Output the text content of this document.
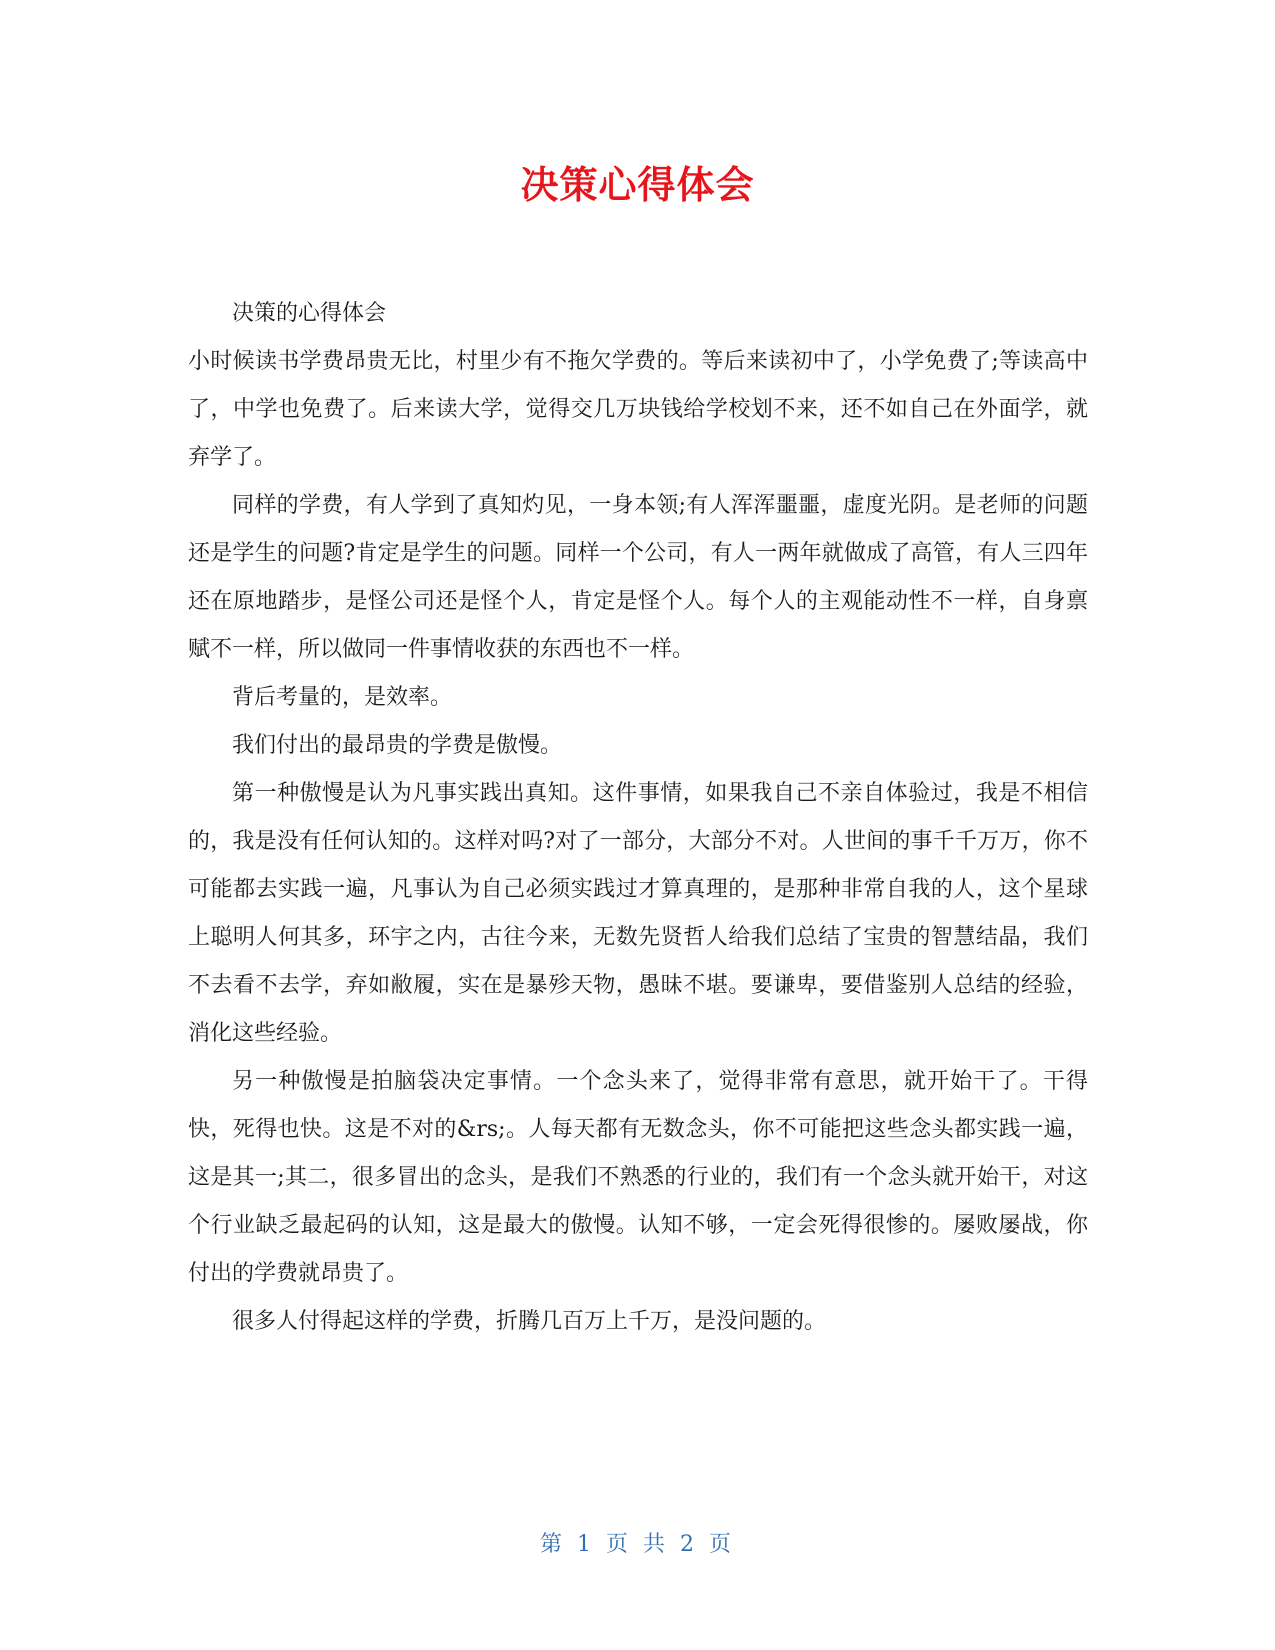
决策心得体会

决策的心得体会

小时候读书学费昂贵无比，村里少有不拖欠学费的。等后来读初中了，小学免费了;等读高中了，中学也免费了。后来读大学，觉得交几万块钱给学校划不来，还不如自己在外面学，就弃学了。

同样的学费，有人学到了真知灼见，一身本领;有人浑浑噩噩，虚度光阴。是老师的问题还是学生的问题?肯定是学生的问题。同样一个公司，有人一两年就做成了高管，有人三四年还在原地踏步，是怪公司还是怪个人，肯定是怪个人。每个人的主观能动性不一样，自身禀赋不一样，所以做同一件事情收获的东西也不一样。

背后考量的，是效率。

我们付出的最昂贵的学费是傲慢。

第一种傲慢是认为凡事实践出真知。这件事情，如果我自己不亲自体验过，我是不相信的，我是没有任何认知的。这样对吗?对了一部分，大部分不对。人世间的事千千万万，你不可能都去实践一遍，凡事认为自己必须实践过才算真理的，是那种非常自我的人，这个星球上聪明人何其多，环宇之内，古往今来，无数先贤哲人给我们总结了宝贵的智慧结晶，我们不去看不去学，弃如敝履，实在是暴殄天物，愚昧不堪。要谦卑，要借鉴别人总结的经验，消化这些经验。

另一种傲慢是拍脑袋决定事情。一个念头来了，觉得非常有意思，就开始干了。干得快，死得也快。这是不对的&rs;。人每天都有无数念头，你不可能把这些念头都实践一遍，这是其一;其二，很多冒出的念头，是我们不熟悉的行业的，我们有一个念头就开始干，对这个行业缺乏最起码的认知，这是最大的傲慢。认知不够，一定会死得很惨的。屡败屡战，你付出的学费就昂贵了。

很多人付得起这样的学费，折腾几百万上千万，是没问题的。

第 1 页 共 2 页
